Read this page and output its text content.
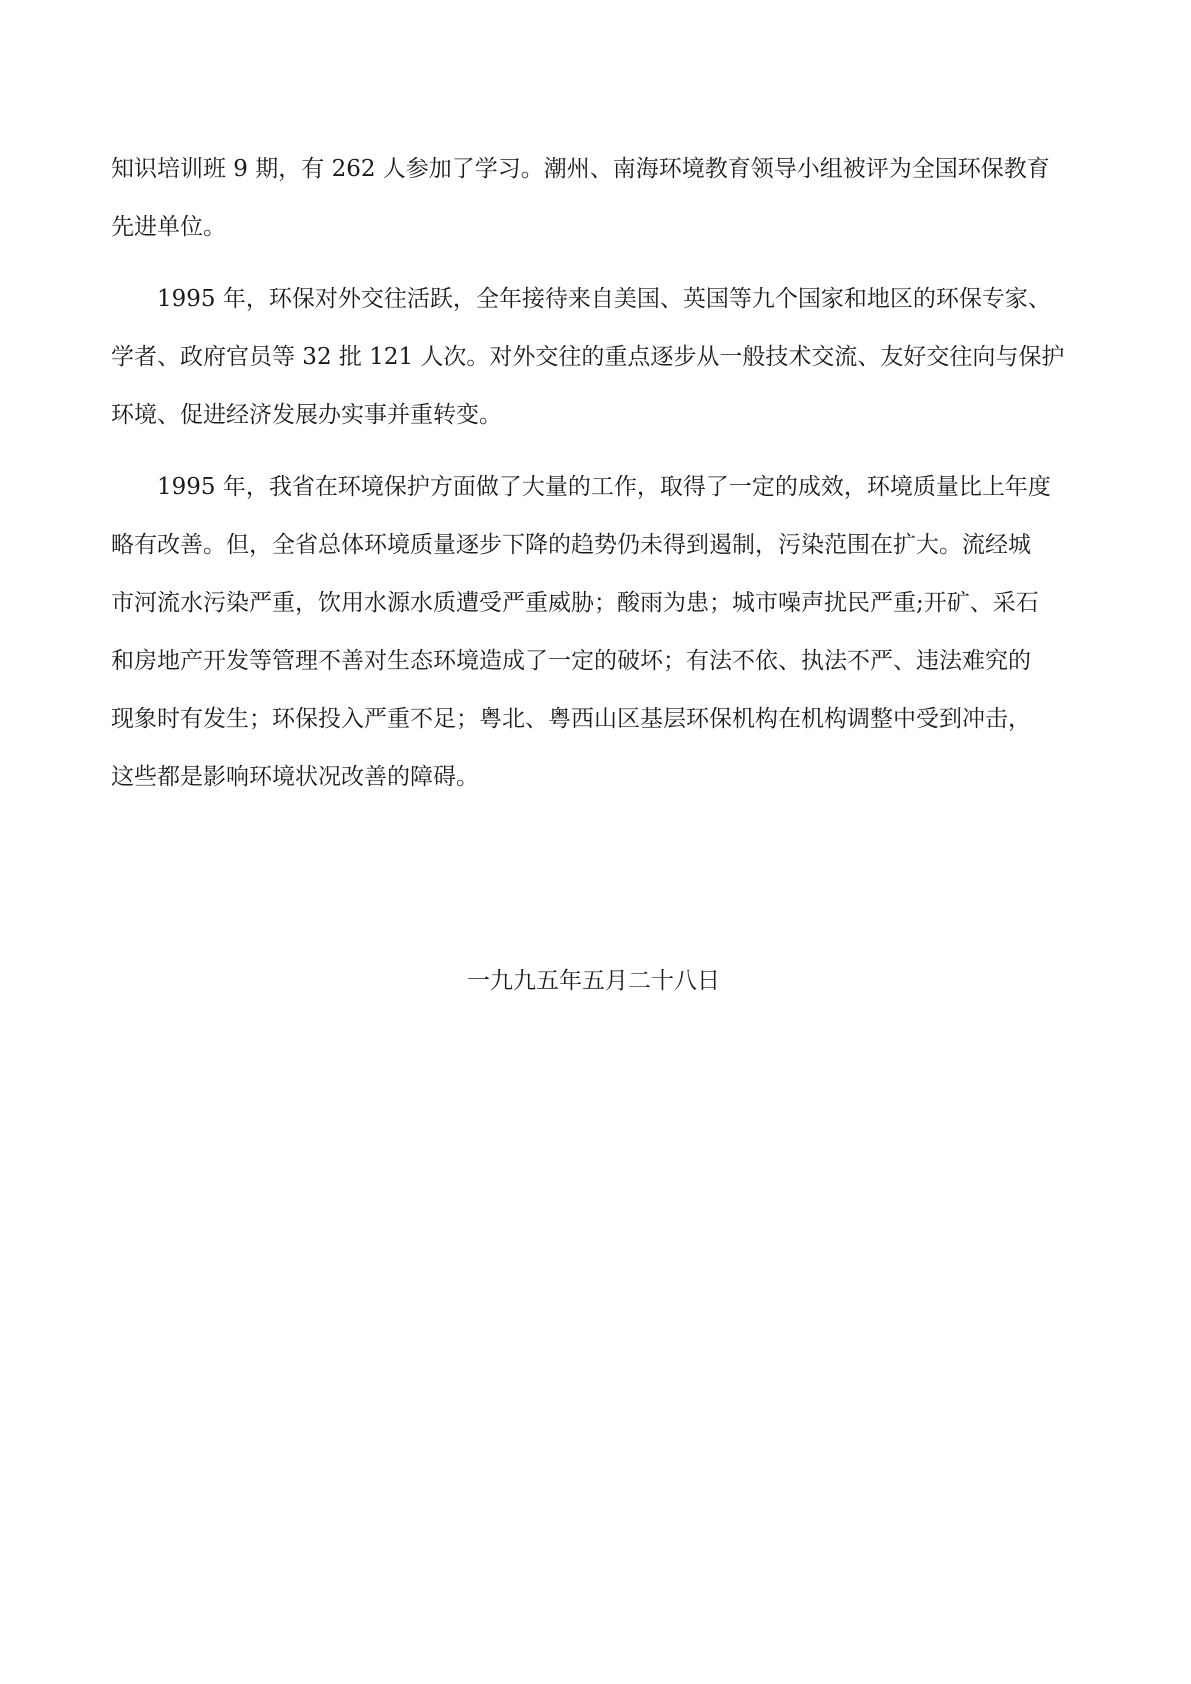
知识培训班 9 期，有 262 人参加了学习。潮州、南海环境教育领导小组被评为全国环保教育
先进单位。
1995 年，环保对外交往活跃，全年接待来自美国、英国等九个国家和地区的环保专家、
学者、政府官员等 32 批 121 人次。对外交往的重点逐步从一般技术交流、友好交往向与保护
环境、促进经济发展办实事并重转变。
1995 年，我省在环境保护方面做了大量的工作，取得了一定的成效，环境质量比上年度
略有改善。但，全省总体环境质量逐步下降的趋势仍未得到遏制，污染范围在扩大。流经城
市河流水污染严重，饮用水源水质遭受严重威胁；酸雨为患；城市噪声扰民严重;开矿、采石
和房地产开发等管理不善对生态环境造成了一定的破坏；有法不依、执法不严、违法难究的
现象时有发生；环保投入严重不足；粤北、粤西山区基层环保机构在机构调整中受到冲击，
这些都是影响环境状况改善的障碍。
一九九五年五月二十八日
